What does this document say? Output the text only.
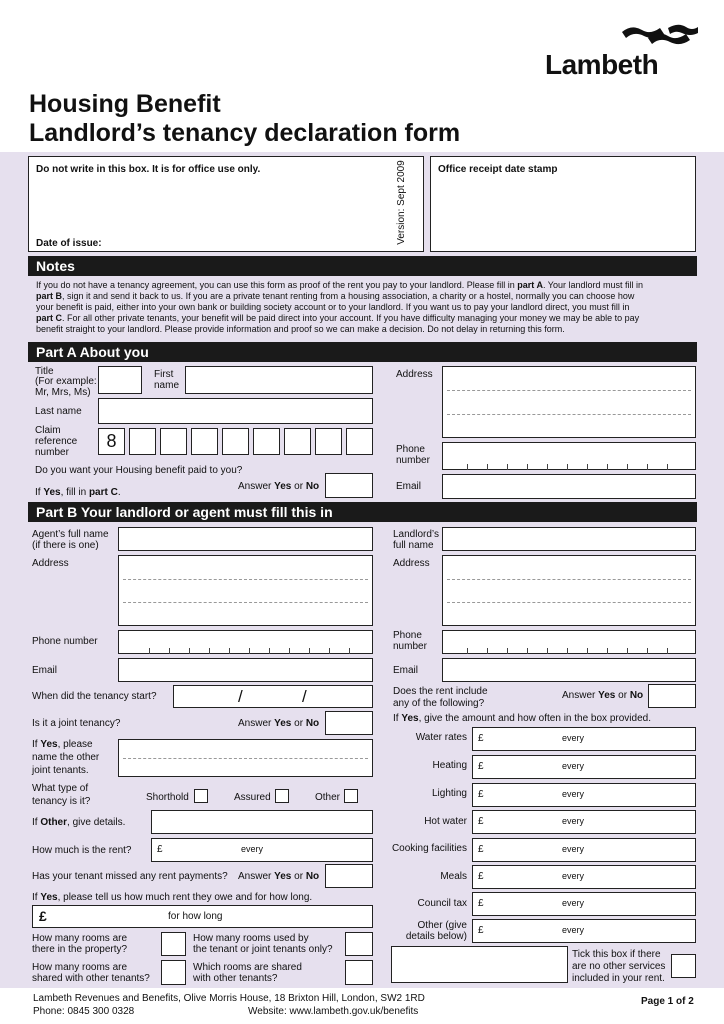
Lambeth
Housing Benefit
Landlord’s tenancy declaration form
Do not write in this box. It is for office use only.
Date of issue:	Version: Sept 2009	Office receipt date stamp
Notes
If you do not have a tenancy agreement, you can use this form as proof of the rent you pay to your landlord. Please fill in part A. Your landlord must fill in
part B, sign it and send it back to us. If you are a private tenant renting from a housing association, a charity or a hostel, normally you can choose how
your benefit is paid, either into your own bank or building society account or to your landlord. If you want us to pay your landlord direct, you must fill in
part C. For all other private tenants, your benefit will be paid direct into your account. If you have difficulty managing your money we may be able to pay
benefit straight to your landlord. Please provide information and proof so we can make a decision. Do not delay in returning this form.
Part A About you
Title
(For example:
Mr, Mrs, Ms)
First
name
Last name
Claim
reference
number
8
Do you want your Housing benefit paid to you?
If Yes, fill in part C.
Answer Yes or No
Address
Phone
number
Email
Part B Your landlord or agent must fill this in
Agent’s full name
(if there is one)
Address
Phone number
Email
When did the tenancy start?	/	/
Is it a joint tenancy?	Answer Yes or No
If Yes, please
name the other
joint tenants.
What type of
tenancy is it?	Shorthold	Assured	Other
If Other, give details.
How much is the rent?	£	every
Has your tenant missed any rent payments? Answer Yes or No
If Yes, please tell us how much rent they owe and for how long.
£	for how long
How many rooms are
there in the property?
How many rooms used by
the tenant or joint tenants only?
How many rooms are
shared with other tenants?
Which rooms are shared
with other tenants?
Landlord’s
full name
Address
Phone
number
Email
Does the rent include
any of the following?
Answer Yes or No
If Yes, give the amount and how often in the box provided.
Water rates £	every
Heating £	every
Lighting £	every
Hot water £	every
Cooking facilities £	every
Meals £	every
Council tax £	every
Other (give
details below)
£	every
Tick this box if there
are no other services
included in your rent.
Lambeth Revenues and Benefits, Olive Morris House, 18 Brixton Hill, London, SW2 1RD
Phone: 0845 300 0328	Website: www.lambeth.gov.uk/benefits
Page 1 of 2
